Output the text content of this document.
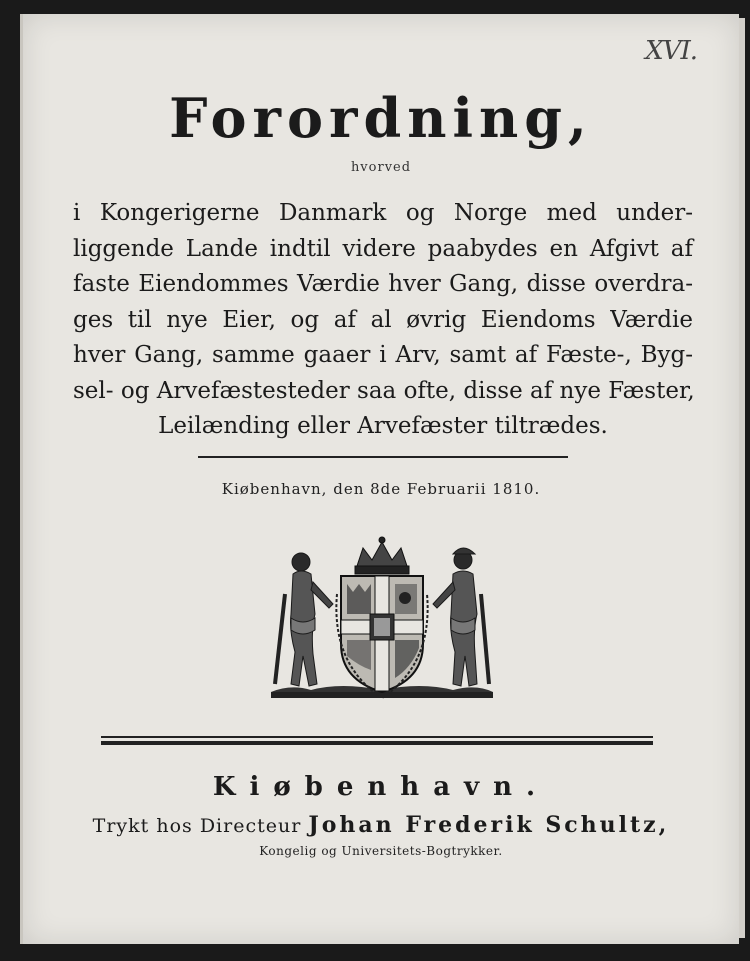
XVI.
Forordning,
hvorved
i Kongerigerne Danmark og Norge med under-
liggende Lande indtil videre paabydes en Afgivt af
faste Eiendommes Værdie hver Gang, disse overdra-
ges til nye Eier, og af al øvrig Eiendoms Værdie
hver Gang, samme gaaer i Arv, samt af Fæste-, Byg-
sel- og Arvefæstesteder saa ofte, disse af nye Fæster,
Leilænding eller Arvefæster tiltrædes.
Kiøbenhavn, den 8de Februarii 1810.
Kiøbenhavn.
Trykt hos Directeur Johan Frederik Schultz,
Kongelig og Universitets-Bogtrykker.
